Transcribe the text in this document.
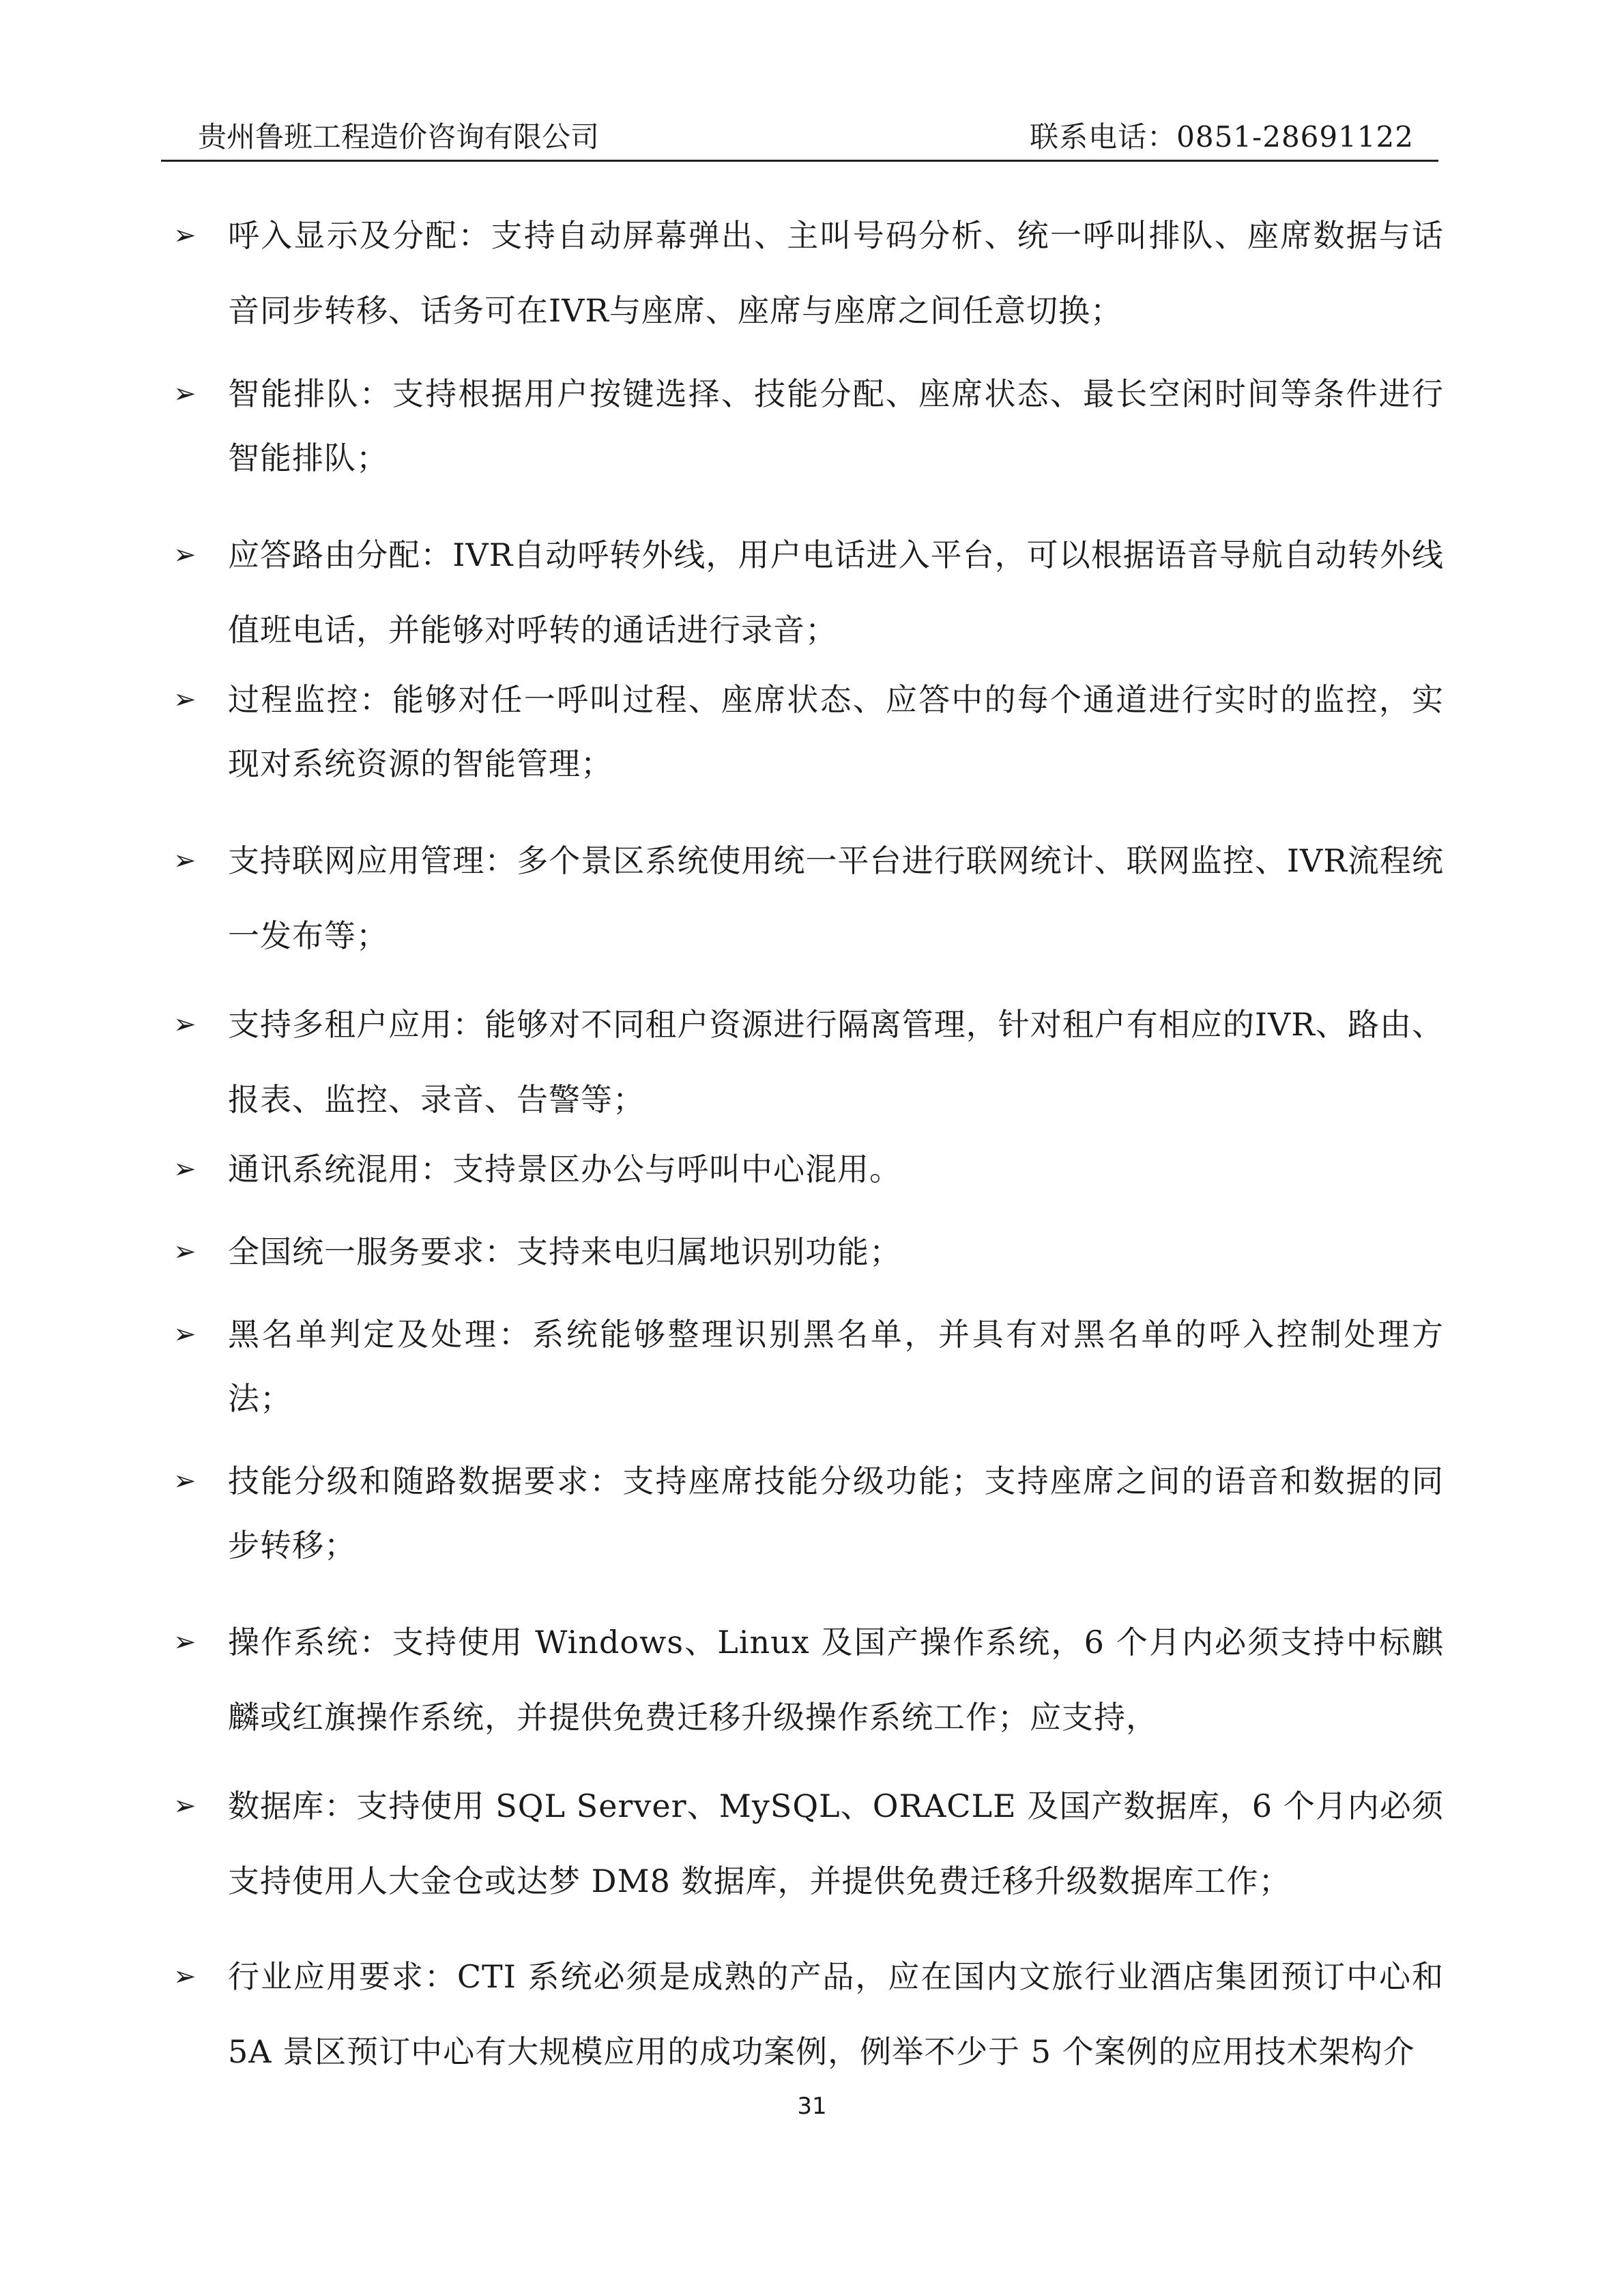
贵州鲁班工程造价咨询有限公司	联系电话：0851-28691122
➢ 呼入显示及分配：支持自动屏幕弹出、主叫号码分析、统一呼叫排队、座席数据与话音同步转移、话务可在IVR与座席、座席与座席之间任意切换；
➢ 智能排队：支持根据用户按键选择、技能分配、座席状态、最长空闲时间等条件进行智能排队；
➢ 应答路由分配：IVR自动呼转外线，用户电话进入平台，可以根据语音导航自动转外线值班电话，并能够对呼转的通话进行录音；
➢ 过程监控：能够对任一呼叫过程、座席状态、应答中的每个通道进行实时的监控，实现对系统资源的智能管理；
➢ 支持联网应用管理：多个景区系统使用统一平台进行联网统计、联网监控、IVR流程统一发布等；
➢ 支持多租户应用：能够对不同租户资源进行隔离管理，针对租户有相应的IVR、路由、报表、监控、录音、告警等；
➢ 通讯系统混用：支持景区办公与呼叫中心混用。
➢ 全国统一服务要求：支持来电归属地识别功能；
➢ 黑名单判定及处理：系统能够整理识别黑名单，并具有对黑名单的呼入控制处理方法；
➢ 技能分级和随路数据要求：支持座席技能分级功能；支持座席之间的语音和数据的同步转移；
➢ 操作系统：支持使用 Windows、Linux 及国产操作系统，6 个月内必须支持中标麒麟或红旗操作系统，并提供免费迁移升级操作系统工作；应支持，
➢ 数据库：支持使用 SQL Server、MySQL、ORACLE 及国产数据库，6 个月内必须支持使用人大金仓或达梦 DM8 数据库，并提供免费迁移升级数据库工作；
➢ 行业应用要求：CTI 系统必须是成熟的产品，应在国内文旅行业酒店集团预订中心和 5A 景区预订中心有大规模应用的成功案例，例举不少于 5 个案例的应用技术架构介
31
